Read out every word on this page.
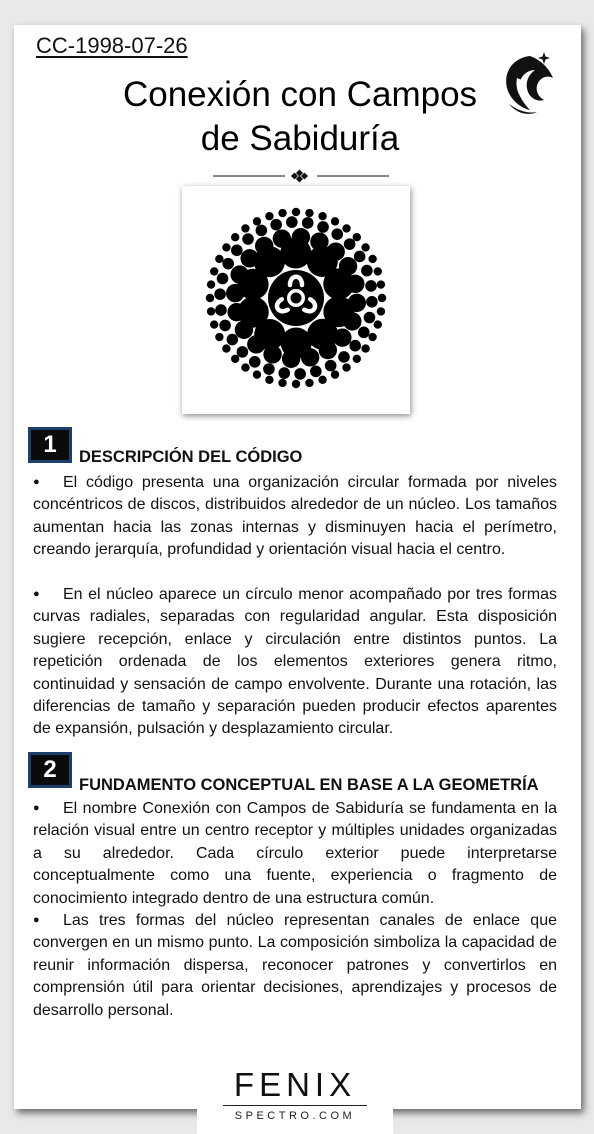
CC-1998-07-26
Conexión con Campos
de Sabiduría
1	DESCRIPCIÓN DEL CÓDIGO

● El código presenta una organización circular formada por niveles concéntricos de discos, distribuidos alrededor de un núcleo. Los tamaños aumentan hacia las zonas internas y disminuyen hacia el perímetro, creando jerarquía, profundidad y orientación visual hacia el centro.

● En el núcleo aparece un círculo menor acompañado por tres formas curvas radiales, separadas con regularidad angular. Esta disposición sugiere recepción, enlace y circulación entre distintos puntos. La repetición ordenada de los elementos exteriores genera ritmo, continuidad y sensación de campo envolvente. Durante una rotación, las diferencias de tamaño y separación pueden producir efectos aparentes de expansión, pulsación y desplazamiento circular.

2
FUNDAMENTO CONCEPTUAL EN BASE A LA GEOMETRÍA

● El nombre Conexión con Campos de Sabiduría se fundamenta en la relación visual entre un centro receptor y múltiples unidades organizadas a su alrededor. Cada círculo exterior puede interpretarse conceptualmente como una fuente, experiencia o fragmento de conocimiento integrado dentro de una estructura común.

● Las tres formas del núcleo representan canales de enlace que convergen en un mismo punto. La composición simboliza la capacidad de reunir información dispersa, reconocer patrones y convertirlos en comprensión útil para orientar decisiones, aprendizajes y procesos de desarrollo personal.

FENIX
SPECTRO.COM
